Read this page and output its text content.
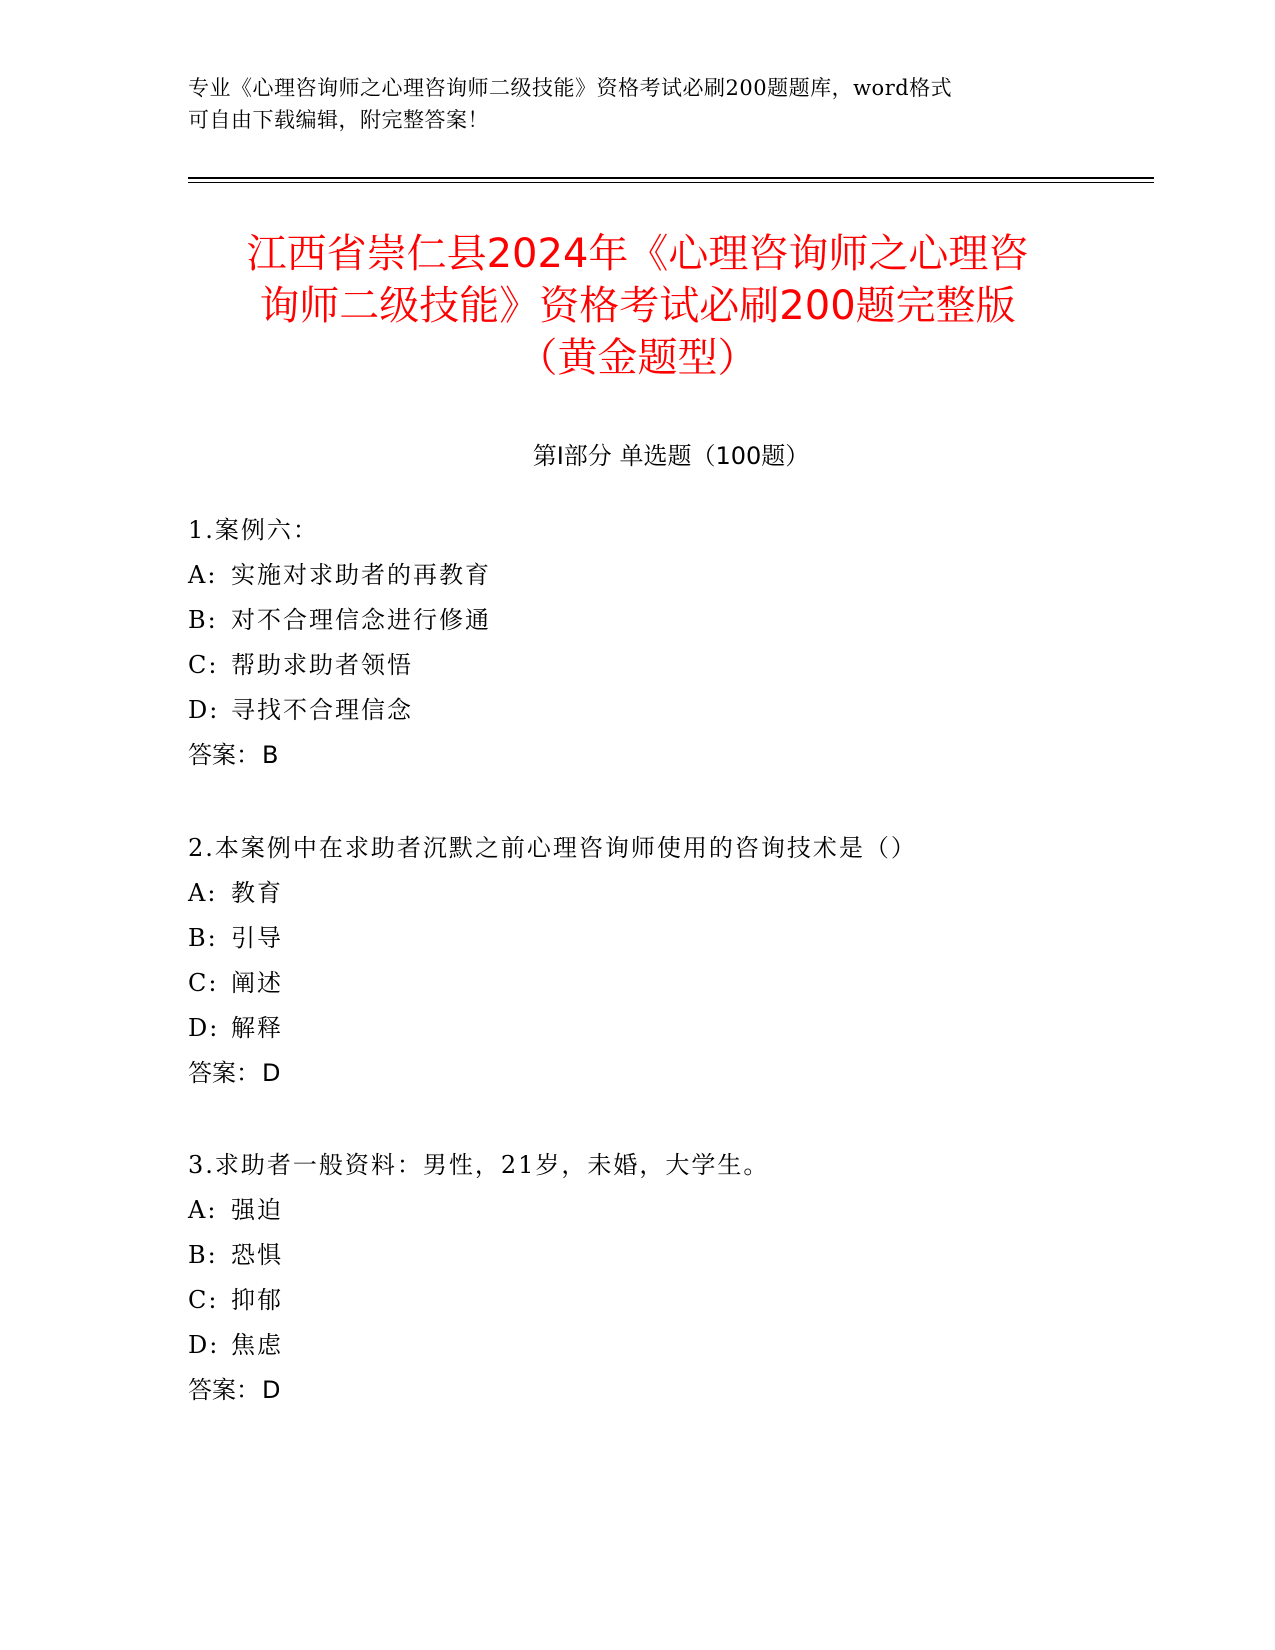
专业《心理咨询师之心理咨询师二级技能》资格考试必刷200题题库，word格式
可自由下载编辑，附完整答案！
江西省崇仁县2024年《心理咨询师之心理咨
询师二级技能》资格考试必刷200题完整版
（黄金题型）
第Ⅰ部分 单选题（100题）
1.案例六：
A: 实施对求助者的再教育
B: 对不合理信念进行修通
C: 帮助求助者领悟
D: 寻找不合理信念
答案：B
2.本案例中在求助者沉默之前心理咨询师使用的咨询技术是（）
A: 教育
B: 引导
C: 阐述
D: 解释
答案：D
3.求助者一般资料：男性，21岁，未婚，大学生。
A: 强迫
B: 恐惧
C: 抑郁
D: 焦虑
答案：D
